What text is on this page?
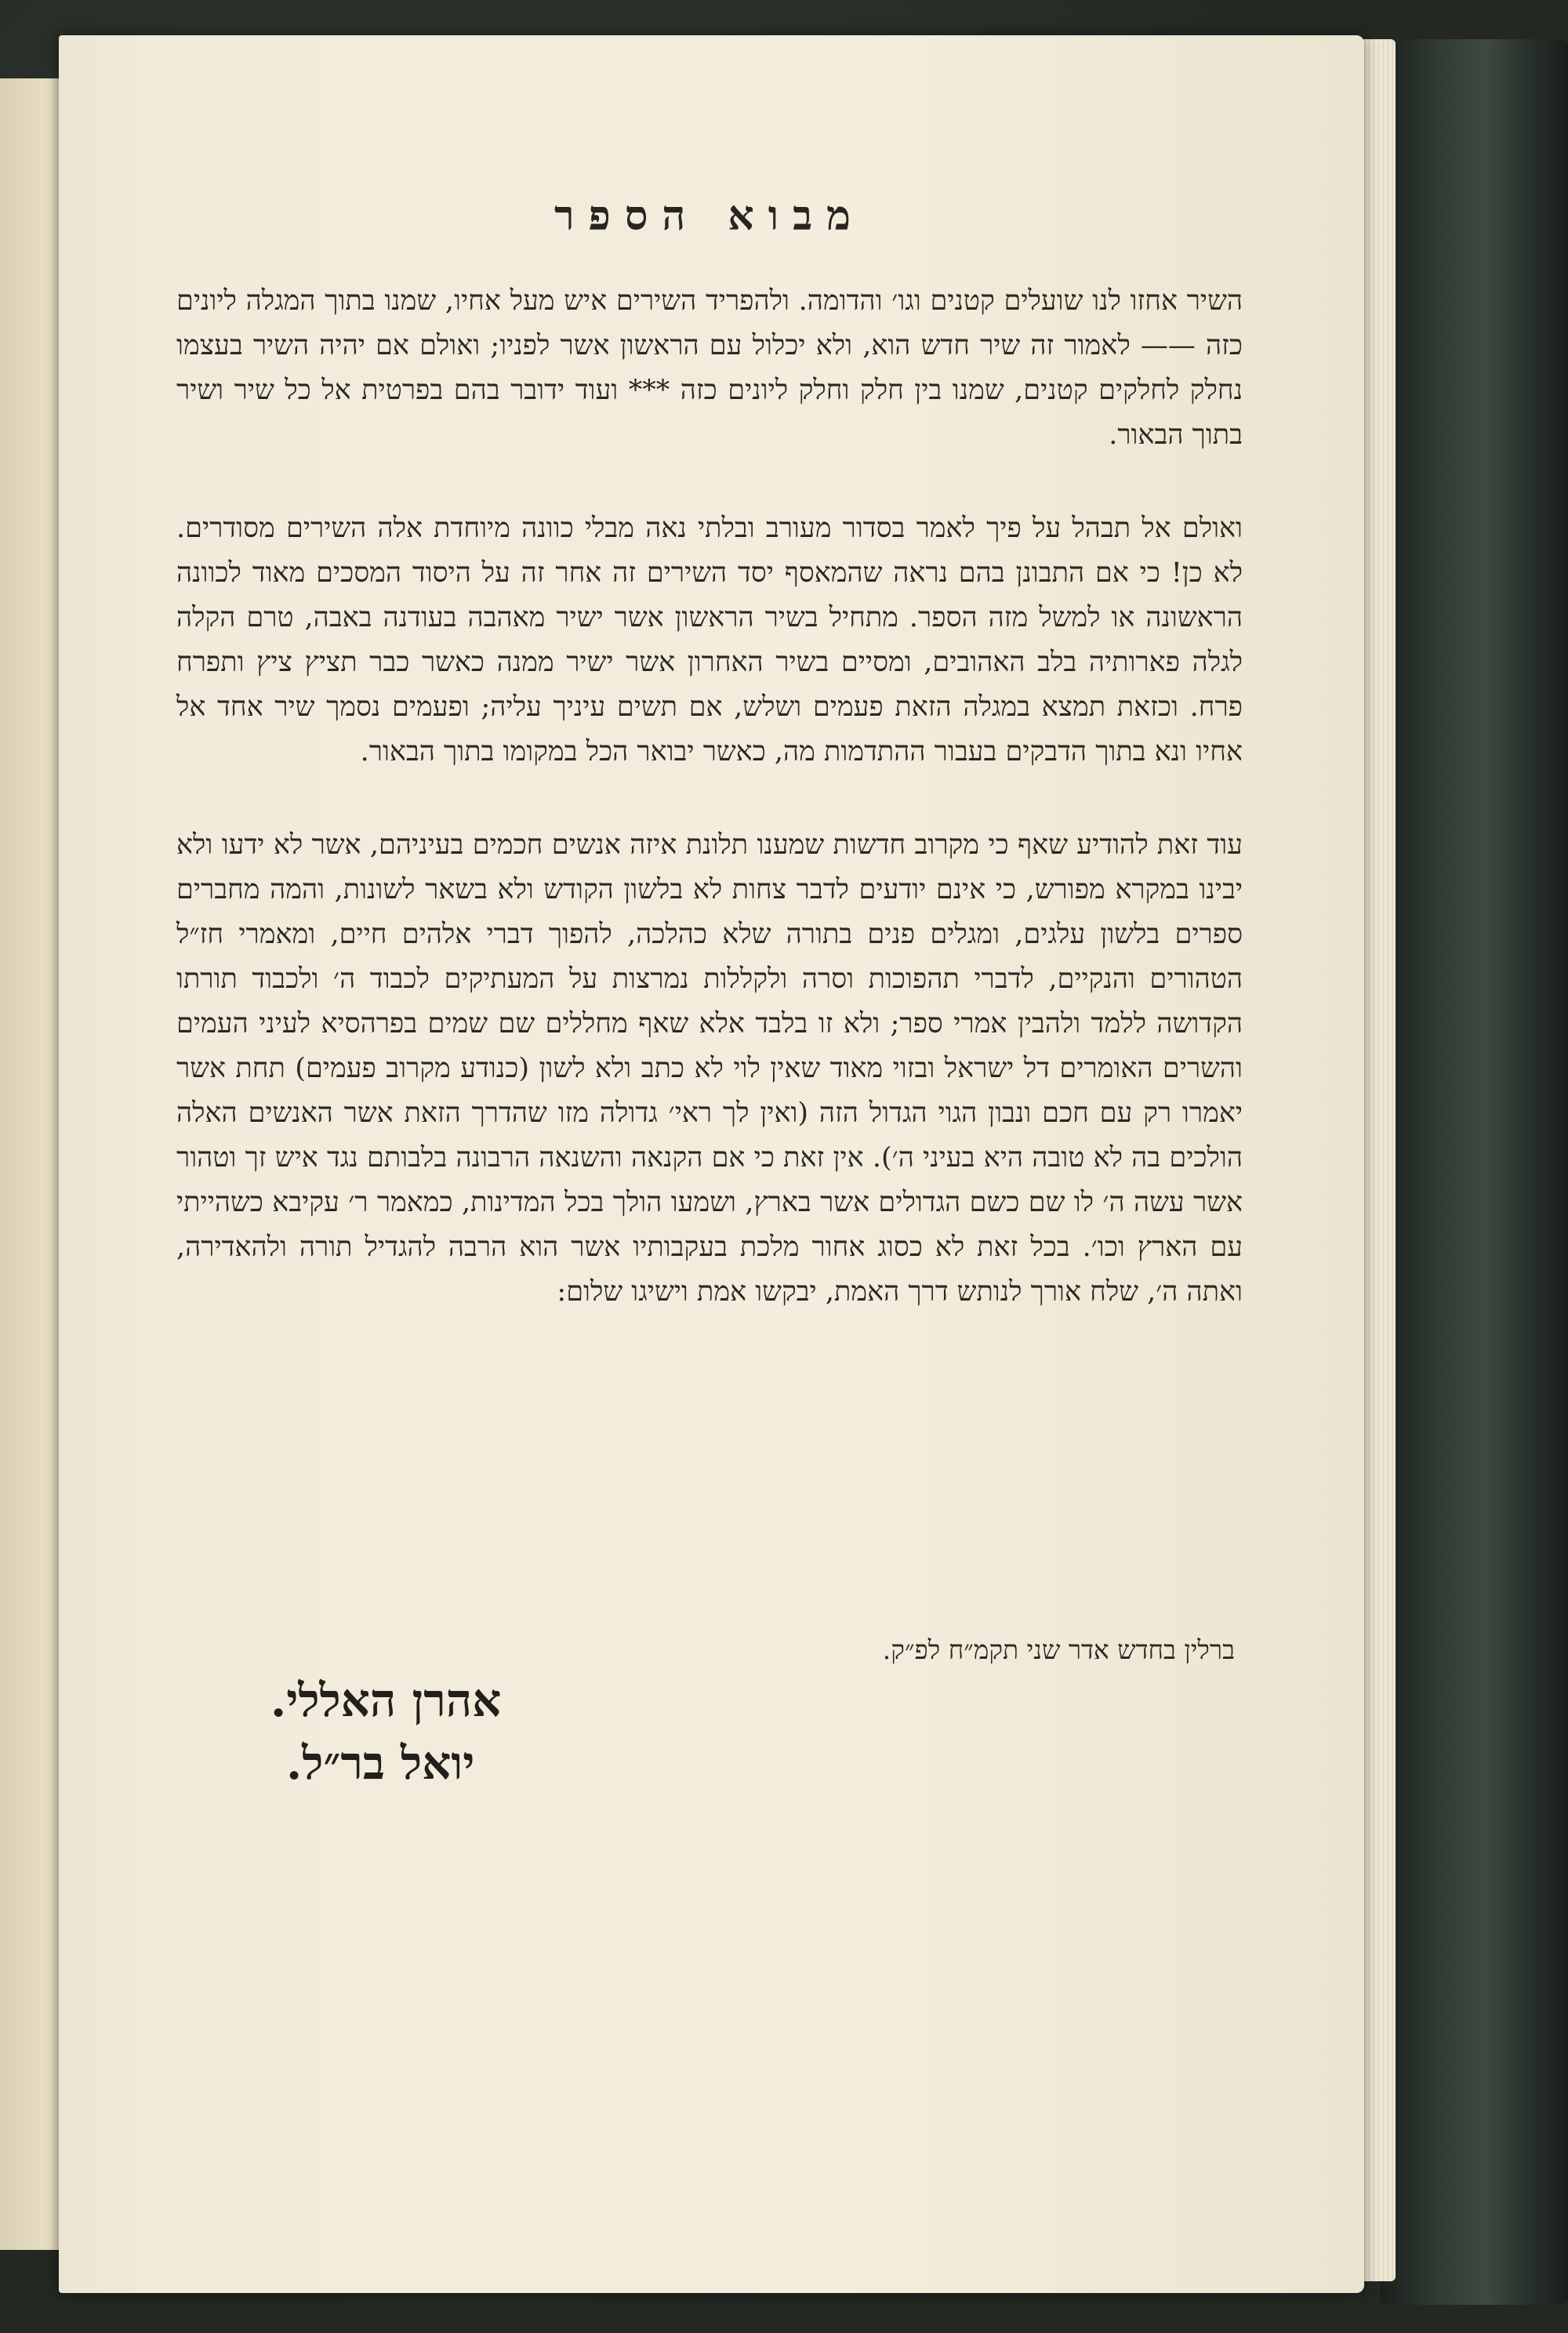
מבוא הספר

השיר אחזו לנו שועלים קטנים וגו׳ והדומה. ולהפריד השירים איש מעל אחיו, שמנו בתוך המגלה ליונים כזה —— לאמור זה שיר חדש הוא, ולא יכלול עם הראשון אשר לפניו; ואולם אם יהיה השיר בעצמו נחלק לחלקים קטנים, שמנו בין חלק וחלק ליונים כזה *** ועוד ידובר בהם בפרטית אל כל שיר ושיר בתוך הבאור.

ואולם אל תבהל על פיך לאמר בסדור מעורב ובלתי נאה מבלי כוונה מיוחדת אלה השירים מסודרים. לא כן! כי אם התבונן בהם נראה שהמאסף יסד השירים זה אחר זה על היסוד המסכים מאוד לכוונה הראשונה או למשל מזה הספר. מתחיל בשיר הראשון אשר ישיר מאהבה בעודנה באבה, טרם הקלה לגלה פארותיה בלב האהובים, ומסיים בשיר האחרון אשר ישיר ממנה כאשר כבר תציץ ציץ ותפרח פרח. וכזאת תמצא במגלה הזאת פעמים ושלש, אם תשים עיניך עליה; ופעמים נסמך שיר אחד אל אחיו ונא בתוך הדבקים בעבור ההתדמות מה, כאשר יבואר הכל במקומו בתוך הבאור.

עוד זאת להודיע שאף כי מקרוב חדשות שמענו תלונת איזה אנשים חכמים בעיניהם, אשר לא ידעו ולא יבינו במקרא מפורש, כי אינם יודעים לדבר צחות לא בלשון הקודש ולא בשאר לשונות, והמה מחברים ספרים בלשון עלגים, ומגלים פנים בתורה שלא כהלכה, להפוך דברי אלהים חיים, ומאמרי חז״ל הטהורים והנקיים, לדברי תהפוכות וסרה ולקללות נמרצות על המעתיקים לכבוד ה׳ ולכבוד תורתו הקדושה ללמד ולהבין אמרי ספר; ולא זו בלבד אלא שאף מחללים שם שמים בפרהסיא לעיני העמים והשרים האומרים דל ישראל ובזוי מאוד שאין לוי לא כתב ולא לשון (כנודע מקרוב פעמים) תחת אשר יאמרו רק עם חכם ונבון הגוי הגדול הזה (ואין לך ראי׳ גדולה מזו שהדרך הזאת אשר האנשים האלה הולכים בה לא טובה היא בעיני ה׳). אין זאת כי אם הקנאה והשנאה הרבונה בלבותם נגד איש זך וטהור אשר עשה ה׳ לו שם כשם הגדולים אשר בארץ, ושמעו הולך בכל המדינות, כמאמר ר׳ עקיבא כשהייתי עם הארץ וכו׳. בכל זאת לא כסוג אחור מלכת בעקבותיו אשר הוא הרבה להגדיל תורה ולהאדירה, ואתה ה׳, שלח אורך לנותש דרך האמת, יבקשו אמת וישיגו שלום:

ברלין בחדש אדר שני תקמ״ח לפ״ק.
אהרן האללי.
יואל בר״ל.
